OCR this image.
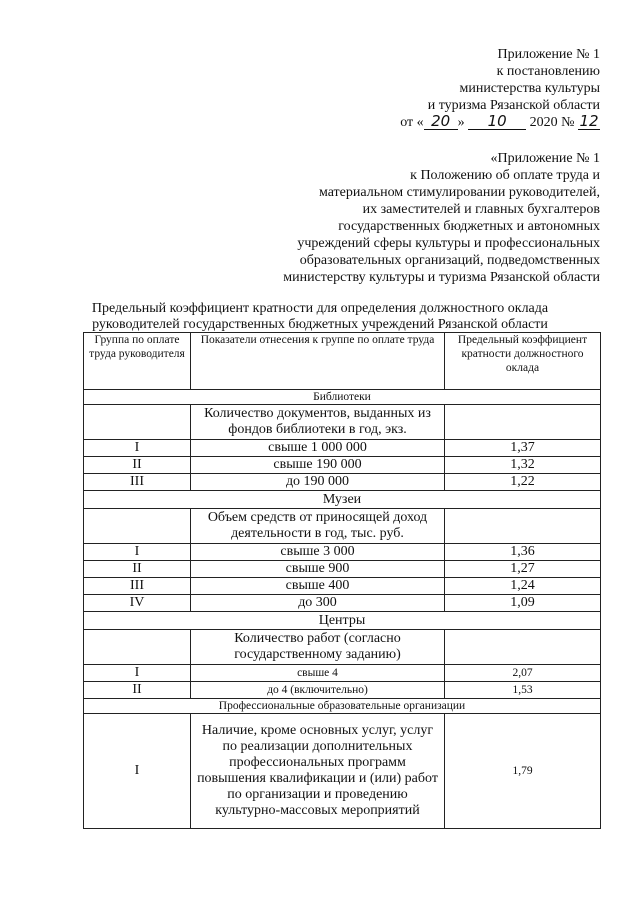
Приложение № 1
к постановлению
министерства культуры
и туризма Рязанской области
от « 20 » 10 2020 № 12
«Приложение № 1
к Положению об оплате труда и
материальном стимулировании руководителей,
их заместителей и главных бухгалтеров
государственных бюджетных и автономных
учреждений сферы культуры и профессиональных
образовательных организаций, подведомственных
министерству культуры и туризма Рязанской области
Предельный коэффициент кратности для определения должностного оклада
руководителей государственных бюджетных учреждений Рязанской области
Группа по оплате труда руководителя	Показатели отнесения к группе по оплате труда	Предельный коэффициент кратности должностного оклада
Библиотеки		
	Количество документов, выданных из фондов библиотеки в год, экз.	
I	свыше 1 000 000	1,37
II	свыше 190 000	1,32
III	до 190 000	1,22
Музеи		
	Объем средств от приносящей доход деятельности в год, тыс. руб.	
I	свыше 3 000	1,36
II	свыше 900	1,27
III	свыше 400	1,24
IV	до 300	1,09
Центры		
	Количество работ (согласно государственному заданию)	
I	свыше 4	2,07
II	до 4 (включительно)	1,53
Профессиональные образовательные организации		
I	Наличие, кроме основных услуг, услуг по реализации дополнительных профессиональных программ повышения квалификации и (или) работ по организации и проведению культурно-массовых мероприятий	1,79
